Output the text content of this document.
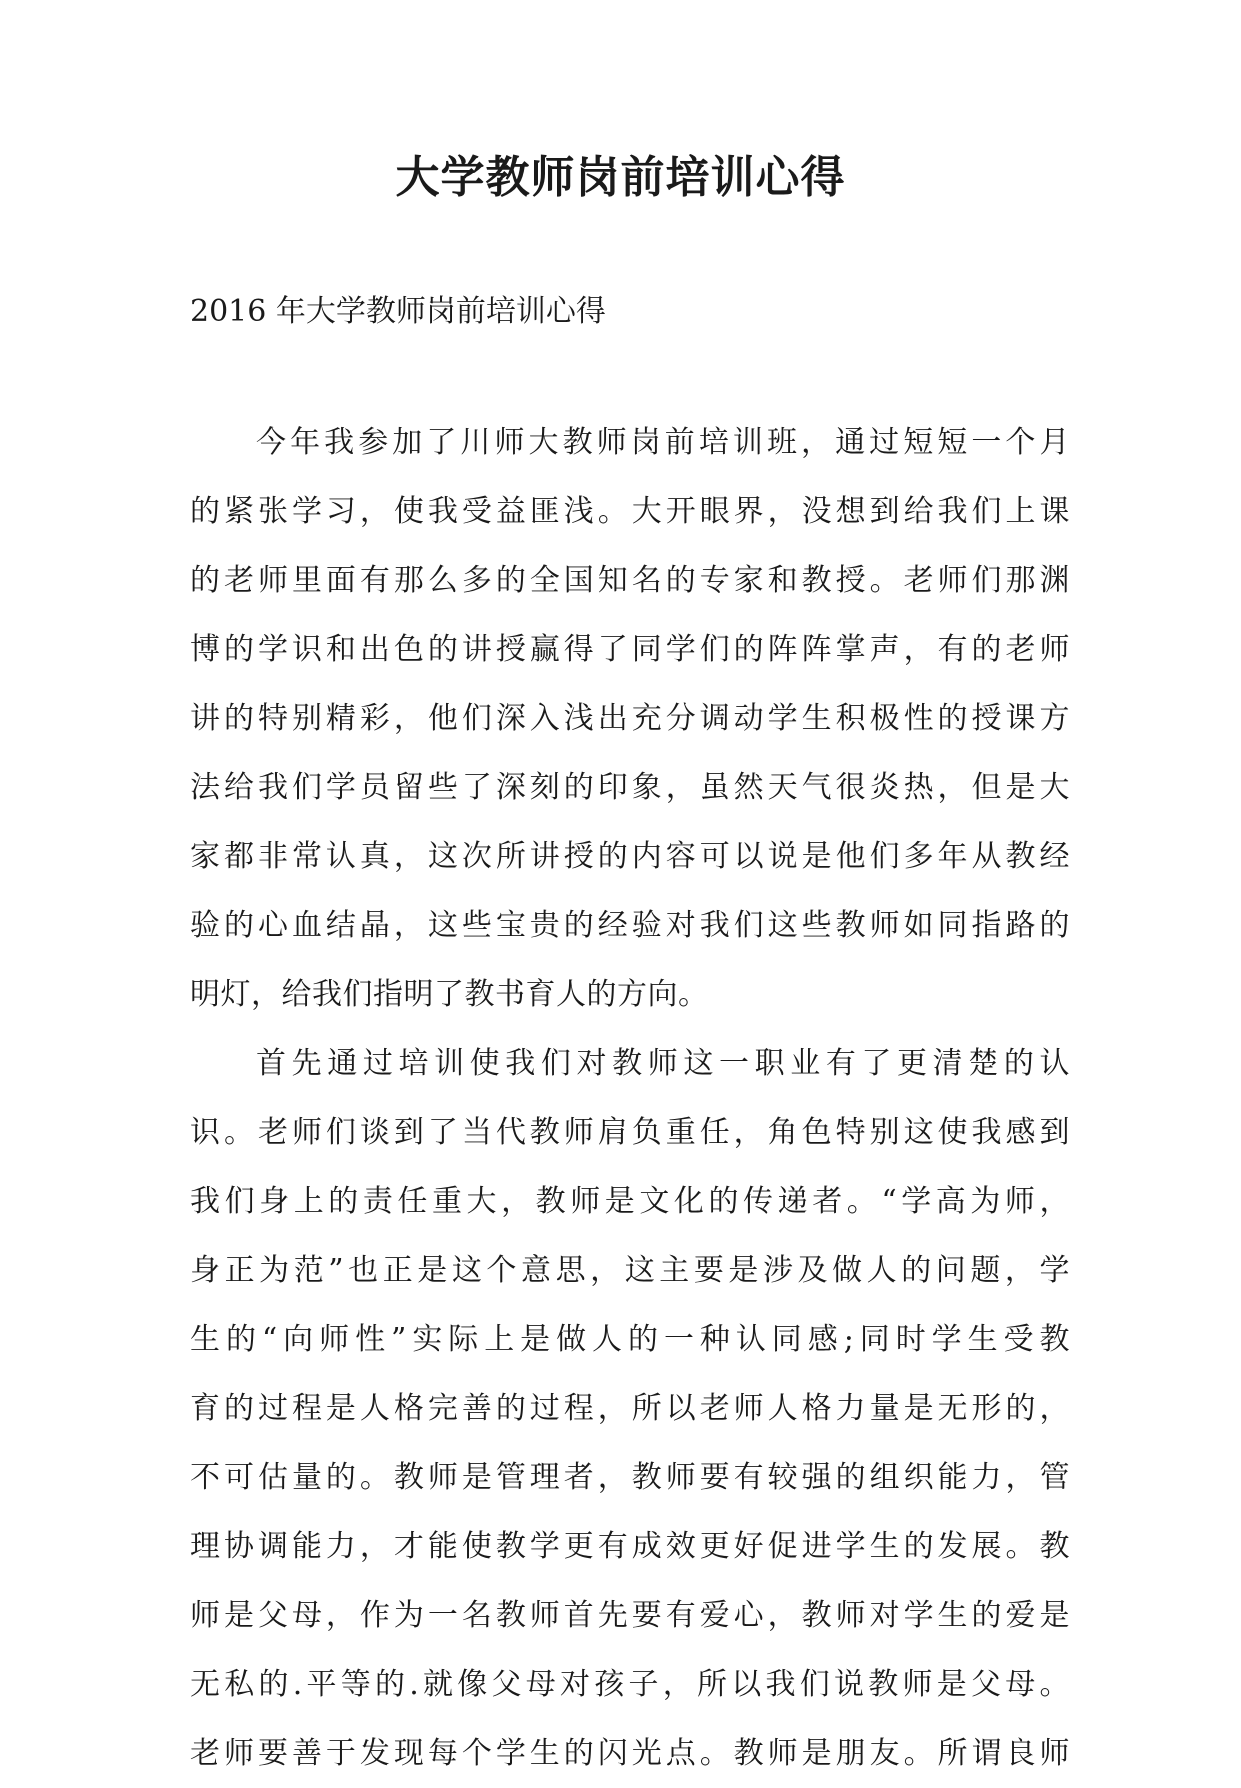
大学教师岗前培训心得
2016 年大学教师岗前培训心得
今年我参加了川师大教师岗前培训班，通过短短一个月
的紧张学习，使我受益匪浅。大开眼界，没想到给我们上课
的老师里面有那么多的全国知名的专家和教授。老师们那渊
博的学识和出色的讲授赢得了同学们的阵阵掌声，有的老师
讲的特别精彩，他们深入浅出充分调动学生积极性的授课方
法给我们学员留些了深刻的印象，虽然天气很炎热，但是大
家都非常认真，这次所讲授的内容可以说是他们多年从教经
验的心血结晶，这些宝贵的经验对我们这些教师如同指路的
明灯，给我们指明了教书育人的方向。
首先通过培训使我们对教师这一职业有了更清楚的认
识。老师们谈到了当代教师肩负重任，角色特别这使我感到
我们身上的责任重大，教师是文化的传递者。“学高为师，
身正为范”也正是这个意思，这主要是涉及做人的问题，学
生的“向师性”实际上是做人的一种认同感;同时学生受教
育的过程是人格完善的过程，所以老师人格力量是无形的，
不可估量的。教师是管理者，教师要有较强的组织能力，管
理协调能力，才能使教学更有成效更好促进学生的发展。教
师是父母，作为一名教师首先要有爱心，教师对学生的爱是
无私的.平等的.就像父母对孩子，所以我们说教师是父母。
老师要善于发现每个学生的闪光点。教师是朋友。所谓良师
